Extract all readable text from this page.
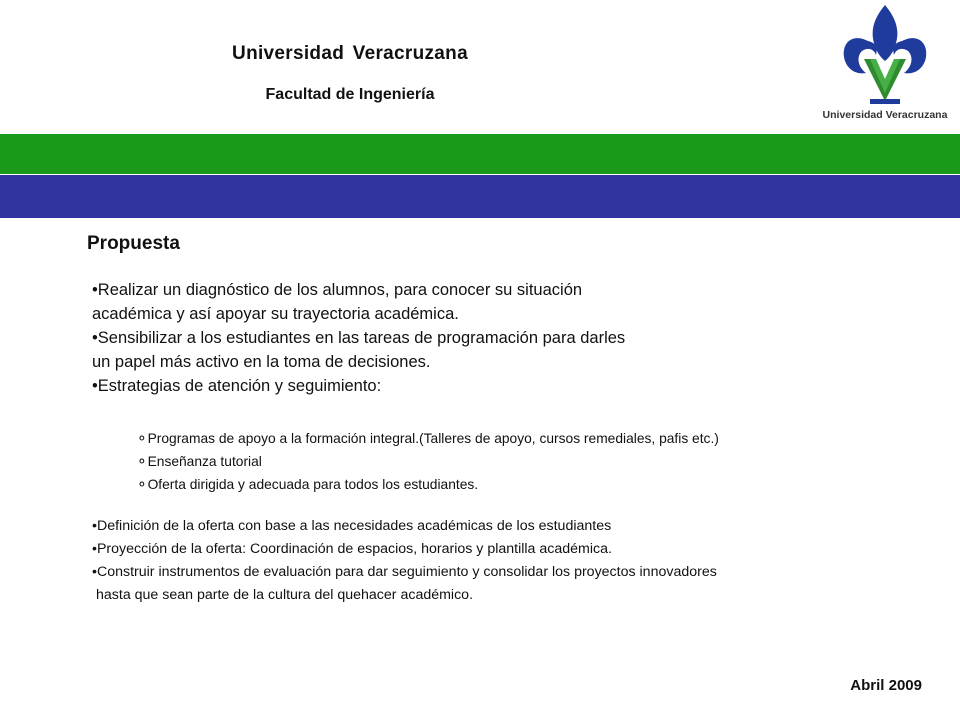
Universidad Veracruzana
Facultad de Ingeniería
Universidad Veracruzana
Propuesta

•Realizar un diagnóstico de los alumnos, para conocer su situación
académica y así apoyar su trayectoria académica.

•Sensibilizar a los estudiantes en las tareas de programación para darles
un papel más activo en la toma de decisiones.

•Estrategias de atención y seguimiento:

⚬Programas de apoyo a la formación integral.(Talleres de apoyo, cursos remediales, pafis etc.)

⚬Enseñanza tutorial

⚬Oferta dirigida y adecuada para todos los estudiantes.

•Definición de la oferta con base a las necesidades académicas de los estudiantes

•Proyección de la oferta: Coordinación de espacios, horarios y plantilla académica.

•Construir instrumentos de evaluación para dar seguimiento y consolidar los proyectos innovadores
hasta que sean parte de la cultura del quehacer académico.

Abril 2009
